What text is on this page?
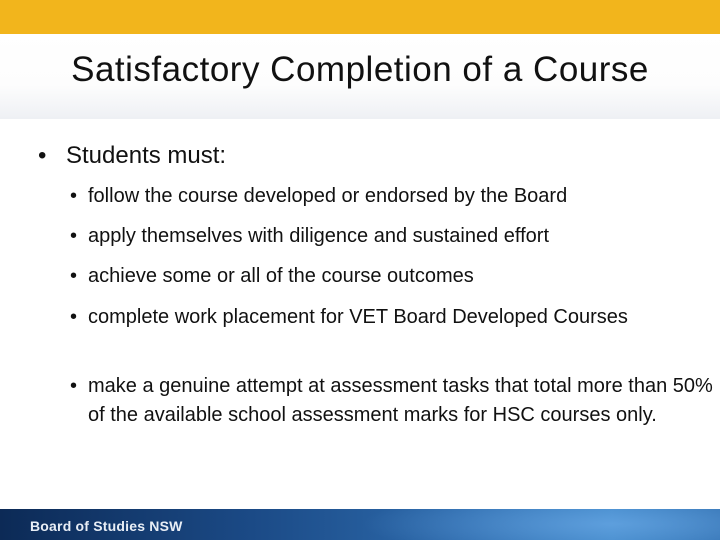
Satisfactory Completion of a Course
• Students must:
• follow the course developed or endorsed by the Board
• apply themselves with diligence and sustained effort
• achieve some or all of the course outcomes
• complete work placement for VET Board Developed Courses
• make a genuine attempt at assessment tasks that total more than 50% of the available school assessment marks for HSC courses only.
Board of Studies NSW
